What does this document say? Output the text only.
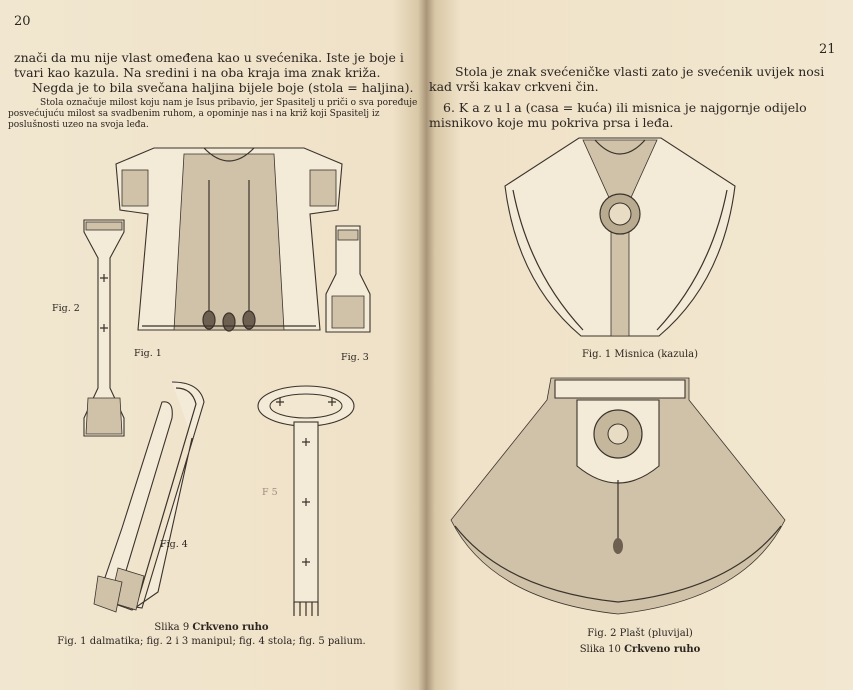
20
znači da mu nije vlast omeđena kao u svećenika. Iste je boje i tvari kao kazula. Na sredini i na oba kraja ima znak križa.
Negda je to bila svečana haljina bijele boje (stola = haljina).
Stola označuje milost koju nam je Isus pribavio, jer Spasitelj u priči o sva poređuje posvećujuću milost sa svadbenim ruhom, a opominje nas i na križ koji Spasitelj iz poslušnosti uzeo na svoja leđa.
Fig. 2
Fig. 1	Fig. 3
Fig. 4
F 5
Slika 9 Crkveno ruho
Fig. 1 dalmatika; fig. 2 i 3 manipul; fig. 4 stola; fig. 5 palium.
21
Stola je znak svećeničke vlasti zato je svećenik uvijek nosi kad vrši kakav crkveni čin.
6. K a z u l a (casa = kuća) ili misnica je najgornje odijelo misnikovo koje mu pokriva prsa i leđa.
Fig. 1 Misnica (kazula)
Fig. 2 Plašt (pluvijal)
Slika 10 Crkveno ruho
